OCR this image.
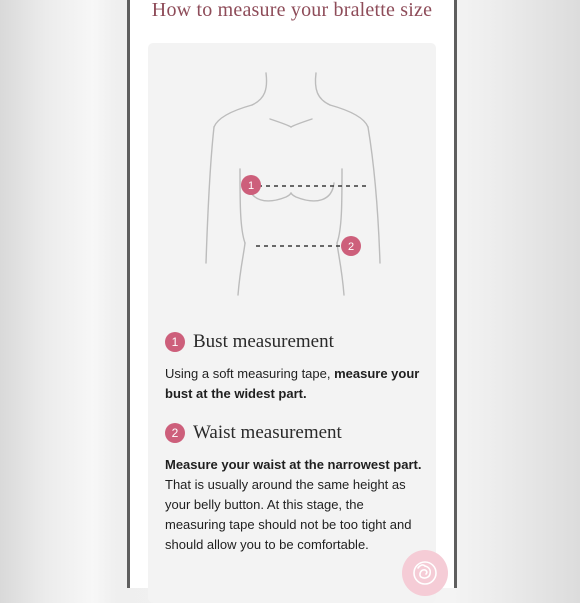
How to measure your bralette size
1
2
1 Bust measurement
Using a soft measuring tape, measure your bust at the widest part.
2 Waist measurement
Measure your waist at the narrowest part. That is usually around the same height as your belly button. At this stage, the measuring tape should not be too tight and should allow you to be comfortable.
